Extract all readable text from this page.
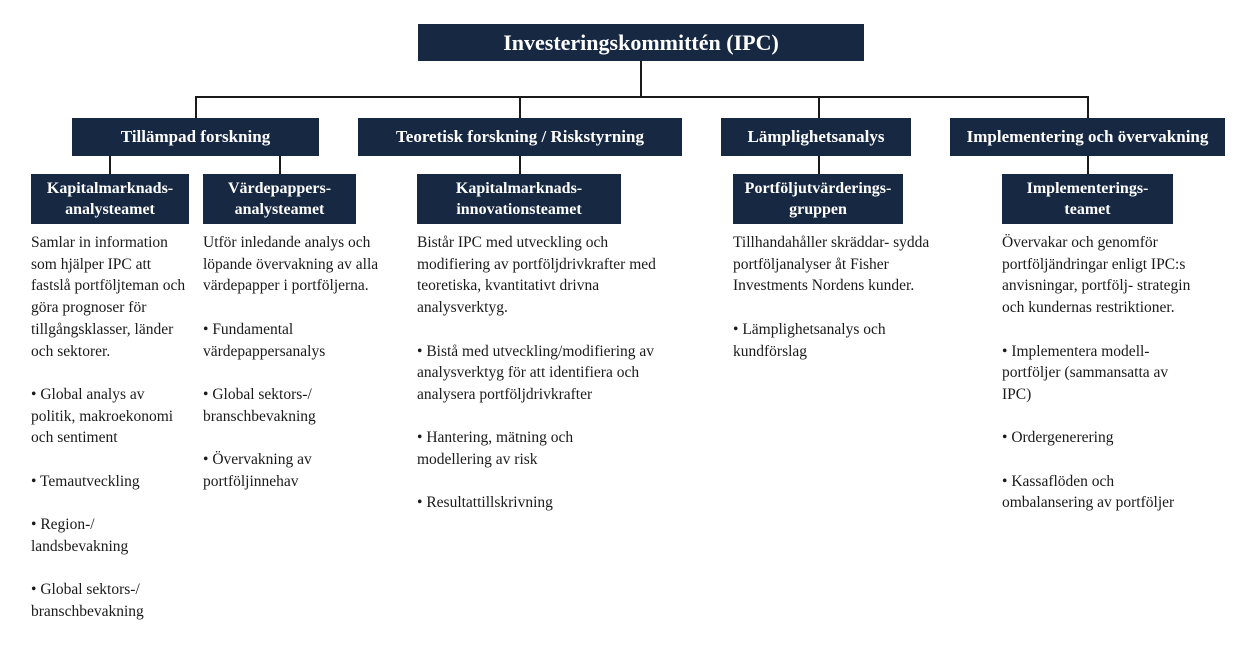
Investeringskommittén (IPC)
Tillämpad forskning	Teoretisk forskning / Riskstyrning	Lämplighetsanalys	Implementering och övervakning
Kapitalmarknads-
analysteamet
Värdepappers-
analysteamet
Kapitalmarknads-
innovationsteamet
Portföljutvärderings-
gruppen
Implementerings-
teamet

Samlar in information som hjälper IPC att fastslå portföljteman och göra prognoser för tillgångsklasser, länder och sektorer.

• Global analys av politik, makroekonomi och sentiment

• Temautveckling

• Region-/ landsbevakning

• Global sektors-/ branschbevakning

Utför inledande analys och löpande övervakning av alla värdepapper i portföljerna.

• Fundamental värdepappersanalys

• Global sektors-/ branschbevakning

• Övervakning av portföljinnehav

Bistår IPC med utveckling och modifiering av portföljdrivkrafter med teoretiska, kvantitativt drivna analysverktyg.

• Bistå med utveckling/modifiering av analysverktyg för att identifiera och analysera portföljdrivkrafter

• Hantering, mätning och modellering av risk

• Resultattillskrivning

Tillhandahåller skräddar- sydda portföljanalyser åt Fisher Investments Nordens kunder.

• Lämplighetsanalys och kundförslag

Övervakar och genomför portföljändringar enligt IPC:s anvisningar, portfölj- strategin och kundernas restriktioner.

• Implementera modell- portföljer (sammansatta av IPC)

• Ordergenerering

• Kassaflöden och ombalansering av portföljer
